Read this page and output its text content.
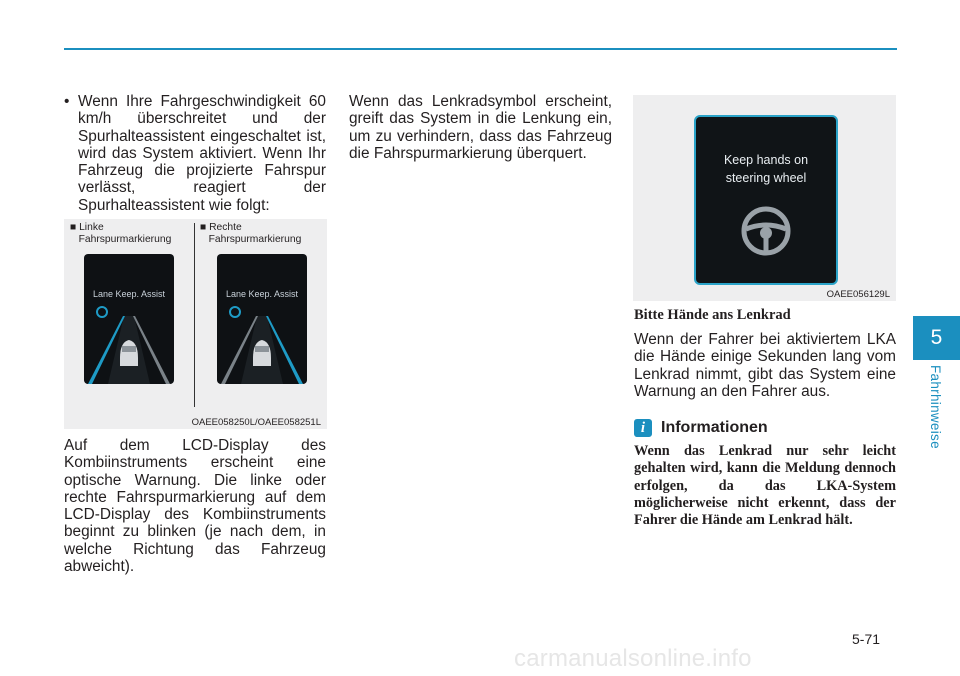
• Wenn Ihre Fahrgeschwindigkeit 60 km/h überschreitet und der Spurhalteassistent eingeschaltet ist, wird das System aktiviert. Wenn Ihr Fahrzeug die projizierte Fahrspur verlässt, reagiert der Spurhalteassistent wie folgt:
■ Linke
Fahrspurmarkierung
■ Rechte
Fahrspurmarkierung
Lane Keep. Assist	Lane Keep. Assist
OAEE058250L/OAEE058251L
Auf dem LCD-Display des Kombiinstruments erscheint eine optische Warnung. Die linke oder rechte Fahrspurmarkierung auf dem LCD-Display des Kombiinstruments beginnt zu blinken (je nach dem, in welche Richtung das Fahrzeug abweicht).
Wenn das Lenkradsymbol erscheint, greift das System in die Lenkung ein, um zu verhindern, dass das Fahrzeug die Fahrspurmarkierung überquert.	Keep hands on
steering wheel
OAEE056129L
Bitte Hände ans Lenkrad
Wenn der Fahrer bei aktiviertem LKA die Hände einige Sekunden lang vom Lenkrad nimmt, gibt das System eine Warnung an den Fahrer aus.
i Informationen
Wenn das Lenkrad nur sehr leicht gehalten wird, kann die Meldung dennoch erfolgen, da das LKA-System möglicherweise nicht erkennt, dass der Fahrer die Hände am Lenkrad hält.
5
Fahrhinweise
5-71
carmanualsonline.info
